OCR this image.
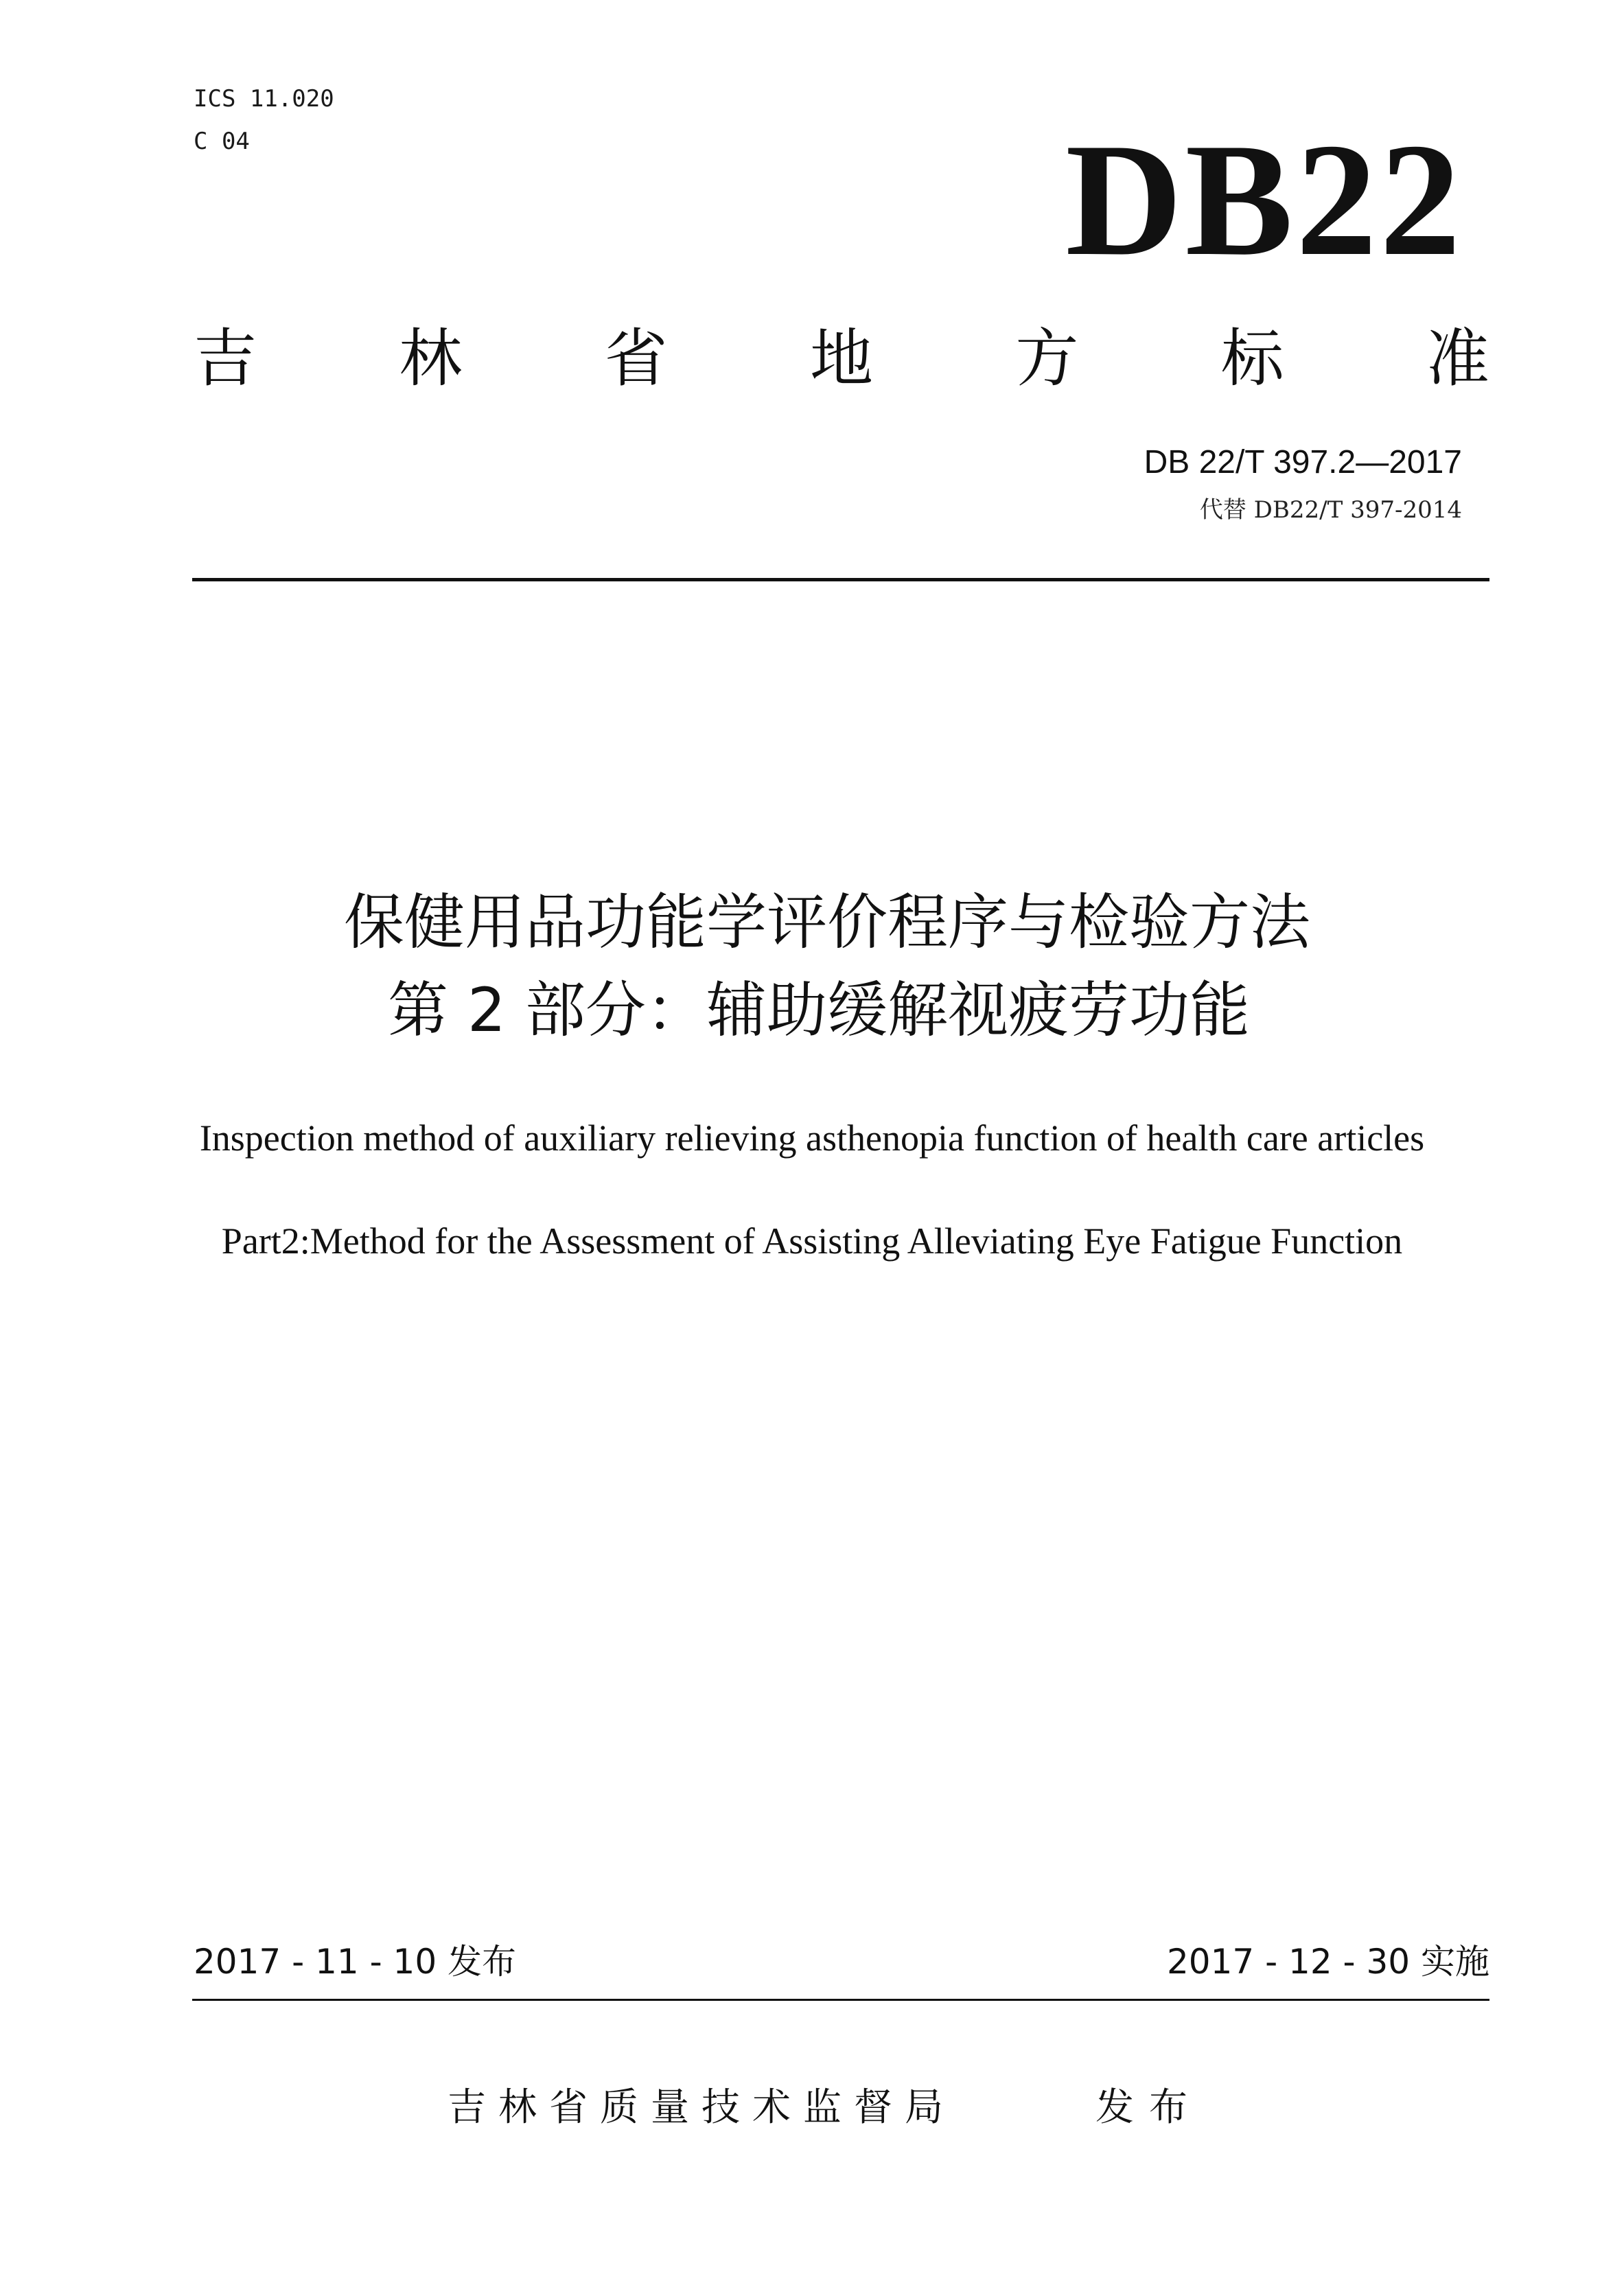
ICS 11.020
C 04	DB22
吉 林 省 地 方 标 准
DB 22/T 397.2—2017
代替 DB22/T 397-2014
保健用品功能学评价程序与检验方法
第 2 部分：辅助缓解视疲劳功能
Inspection method of auxiliary relieving asthenopia function of health care articles
Part2:Method for the Assessment of Assisting Alleviating Eye Fatigue Function
2017 - 11 - 10 发布	2017 - 12 - 30 实施
吉林省质量技术监督局	发布
